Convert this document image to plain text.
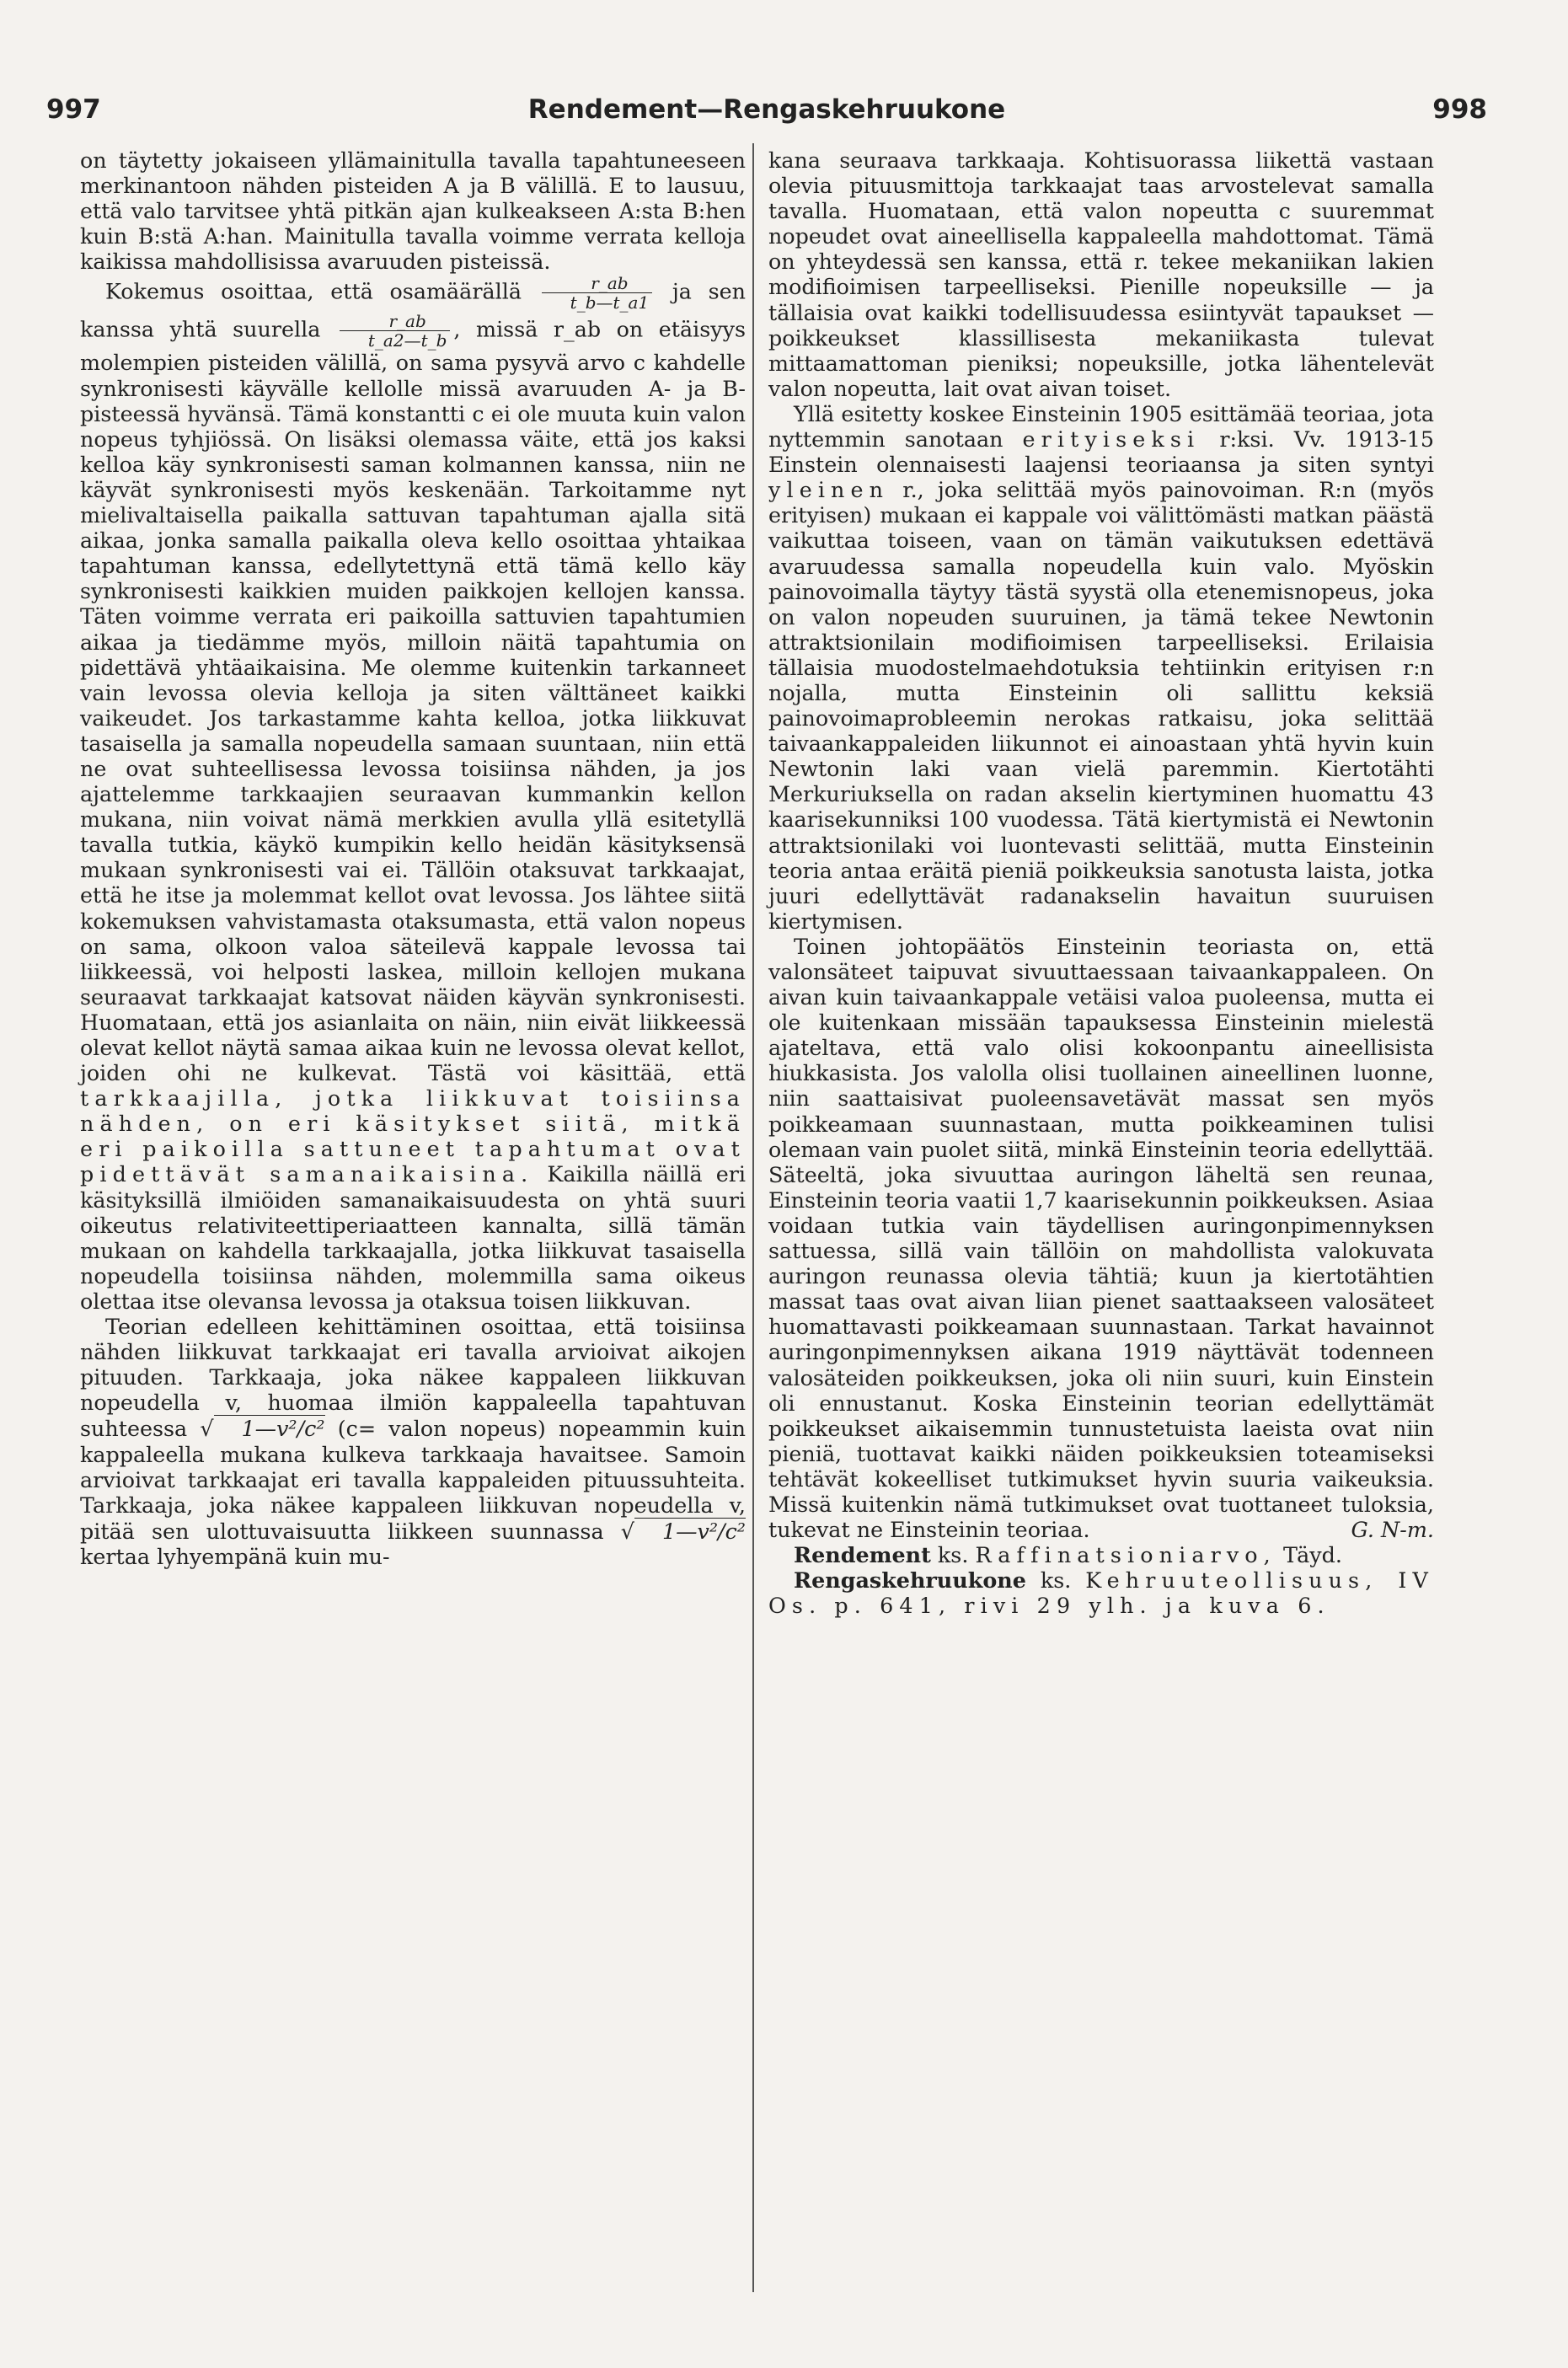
997	Rendement—Rengaskehruukone	998

on täytetty jokaiseen yllämainitulla tavalla tapahtuneeseen merkinantoon nähden pisteiden A ja B välillä. E to lausuu, että valo tarvitsee yhtä pitkän ajan kulkeakseen A:sta B:hen kuin B:stä A:han. Mainitulla tavalla voimme verrata kelloja kaikissa mahdollisissa avaruuden pisteissä.

Kokemus osoittaa, että osamäärällä $\frac{r\_ab}{t\_b—t\_a1}$ ja sen kanssa yhtä suurella $\frac{r\_ab}{t\_a2—t\_b}$ , missä r_ab on etäisyys molempien pisteiden välillä, on sama pysyvä arvo c kahdelle synkronisesti käyvälle kellolle missä avaruuden A- ja B-pisteessä hyvänsä. Tämä konstantti c ei ole muuta kuin valon nopeus tyhjiössä. On lisäksi olemassa väite, että jos kaksi kelloa käy synkronisesti saman kolmannen kanssa, niin ne käyvät synkronisesti myös keskenään. Tarkoitamme nyt mielivaltaisella paikalla sattuvan tapahtuman ajalla sitä aikaa, jonka samalla paikalla oleva kello osoittaa yhtaikaa tapahtuman kanssa, edellytettynä että tämä kello käy synkronisesti kaikkien muiden paikkojen kellojen kanssa. Täten voimme verrata eri paikoilla sattuvien tapahtumien aikaa ja tiedämme myös, milloin näitä tapahtumia on pidettävä yhtäaikaisina. Me olemme kuitenkin tarkanneet vain levossa olevia kelloja ja siten välttäneet kaikki vaikeudet. Jos tarkastamme kahta kelloa, jotka liikkuvat tasaisella ja samalla nopeudella samaan suuntaan, niin että ne ovat suhteellisessa levossa toisiinsa nähden, ja jos ajattelemme tarkkaajien seuraavan kummankin kellon mukana, niin voivat nämä merkkien avulla yllä esitetyllä tavalla tutkia, käykö kumpikin kello heidän käsityksensä mukaan synkronisesti vai ei. Tällöin otaksuvat tarkkaajat, että he itse ja molemmat kellot ovat levossa. Jos lähtee siitä kokemuksen vahvistamasta otaksumasta, että valon nopeus on sama, olkoon valoa säteilevä kappale levossa tai liikkeessä, voi helposti laskea, milloin kellojen mukana seuraavat tarkkaajat katsovat näiden käyvän synkronisesti. Huomataan, että jos asianlaita on näin, niin eivät liikkeessä olevat kellot näytä samaa aikaa kuin ne levossa olevat kellot, joiden ohi ne kulkevat. Tästä voi käsittää, että tarkkaajilla, jotka liikkuvat toisiinsa nähden, on eri käsitykset siitä, mitkä eri paikoilla sattuneet tapahtumat ovat pidettävät samanaikaisina. Kaikilla näillä eri käsityksillä ilmiöiden samanaikaisuudesta on yhtä suuri oikeutus relativiteettiperiaatteen kannalta, sillä tämän mukaan on kahdella tarkkaajalla, jotka liikkuvat tasaisella nopeudella toisiinsa nähden, molemmilla sama oikeus olettaa itse olevansa levossa ja otaksua toisen liikkuvan.

Teorian edelleen kehittäminen osoittaa, että toisiinsa nähden liikkuvat tarkkaajat eri tavalla arvioivat aikojen pituuden. Tarkkaaja, joka näkee kappaleen liikkuvan nopeudella v, huomaa ilmiön kappaleella tapahtuvan suhteessa √ 1—v²/c² (c= valon nopeus) nopeammin kuin kappaleella mukana kulkeva tarkkaaja havaitsee. Samoin arvioivat tarkkaajat eri tavalla kappaleiden pituussuhteita. Tarkkaaja, joka näkee kappaleen liikkuvan nopeudella v, pitää sen ulottuvaisuutta liikkeen suunnassa √ 1—v²/c² kertaa lyhyempänä kuin mu-

kana seuraava tarkkaaja. Kohtisuorassa liikettä vastaan olevia pituusmittoja tarkkaajat taas arvostelevat samalla tavalla. Huomataan, että valon nopeutta c suuremmat nopeudet ovat aineellisella kappaleella mahdottomat. Tämä on yhteydessä sen kanssa, että r. tekee mekaniikan lakien modifioimisen tarpeelliseksi. Pienille nopeuksille — ja tällaisia ovat kaikki todellisuudessa esiintyvät tapaukset — poikkeukset klassillisesta mekaniikasta tulevat mittaamattoman pieniksi; nopeuksille, jotka lähentelevät valon nopeutta, lait ovat aivan toiset.

Yllä esitetty koskee Einsteinin 1905 esittämää teoriaa, jota nyttemmin sanotaan erityiseksi r:ksi. Vv. 1913-15 Einstein olennaisesti laajensi teoriaansa ja siten syntyi yleinen r., joka selittää myös painovoiman. R:n (myös erityisen) mukaan ei kappale voi välittömästi matkan päästä vaikuttaa toiseen, vaan on tämän vaikutuksen edettävä avaruudessa samalla nopeudella kuin valo. Myöskin painovoimalla täytyy tästä syystä olla etenemisnopeus, joka on valon nopeuden suuruinen, ja tämä tekee Newtonin attraktsionilain modifioimisen tarpeelliseksi. Erilaisia tällaisia muodostelmaehdotuksia tehtiinkin erityisen r:n nojalla, mutta Einsteinin oli sallittu keksiä painovoimaprobleemin nerokas ratkaisu, joka selittää taivaankappaleiden liikunnot ei ainoastaan yhtä hyvin kuin Newtonin laki vaan vielä paremmin. Kiertotähti Merkuriuksella on radan akselin kiertyminen huomattu 43 kaarisekunniksi 100 vuodessa. Tätä kiertymistä ei Newtonin attraktsionilaki voi luontevasti selittää, mutta Einsteinin teoria antaa eräitä pieniä poikkeuksia sanotusta laista, jotka juuri edellyttävät radanakselin havaitun suuruisen kiertymisen.

Toinen johtopäätös Einsteinin teoriasta on, että valonsäteet taipuvat sivuuttaessaan taivaankappaleen. On aivan kuin taivaankappale vetäisi valoa puoleensa, mutta ei ole kuitenkaan missään tapauksessa Einsteinin mielestä ajateltava, että valo olisi kokoonpantu aineellisista hiukkasista. Jos valolla olisi tuollainen aineellinen luonne, niin saattaisivat puoleensavetävät massat sen myös poikkeamaan suunnastaan, mutta poikkeaminen tulisi olemaan vain puolet siitä, minkä Einsteinin teoria edellyttää. Säteeltä, joka sivuuttaa auringon läheltä sen reunaa, Einsteinin teoria vaatii 1,7 kaarisekunnin poikkeuksen. Asiaa voidaan tutkia vain täydellisen auringonpimennyksen sattuessa, sillä vain tällöin on mahdollista valokuvata auringon reunassa olevia tähtiä; kuun ja kiertotähtien massat taas ovat aivan liian pienet saattaakseen valosäteet huomattavasti poikkeamaan suunnastaan. Tarkat havainnot auringonpimennyksen aikana 1919 näyttävät todenneen valosäteiden poikkeuksen, joka oli niin suuri, kuin Einstein oli ennustanut. Koska Einsteinin teorian edellyttämät poikkeukset aikaisemmin tunnustetuista laeista ovat niin pieniä, tuottavat kaikki näiden poikkeuksien toteamiseksi tehtävät kokeelliset tutkimukset hyvin suuria vaikeuksia. Missä kuitenkin nämä tutkimukset ovat tuottaneet tuloksia, tukevat ne Einsteinin teoriaa.	G. N-m.

Rendement ks. Raffinatsioniarvo, Täyd.

Rengaskehruukone ks. Kehruuteollisuus, IV Os. p. 641, rivi 29 ylh. ja kuva 6.
